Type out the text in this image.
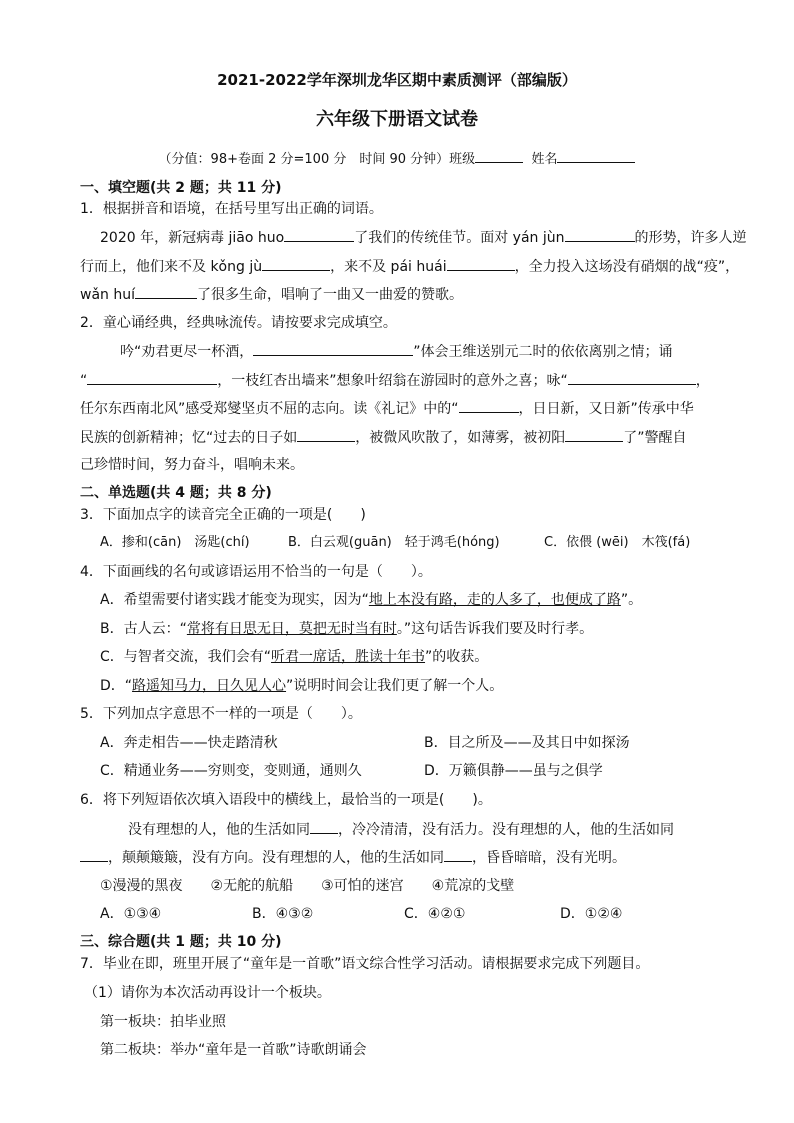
2021-2022学年深圳龙华区期中素质测评（部编版）
六年级下册语文试卷
（分值：98+卷面 2 分=100 分　时间 90 分钟）班级	姓名
一、填空题(共 2 题；共 11 分)
1．根据拼音和语境，在括号里写出正确的词语。
2020 年，新冠病毒 jiāo huo	了我们的传统佳节。面对 yán jùn	的形势，许多人逆
行而上，他们来不及 kǒng jù	，来不及 pái huái	，全力投入这场没有硝烟的战“疫”，
wǎn huí	了很多生命，唱响了一曲又一曲爱的赞歌。
2．童心诵经典，经典咏流传。请按要求完成填空。
吟“劝君更尽一杯酒，	”体会王维送别元二时的依依离别之情；诵
“	，一枝红杏出墙来”想象叶绍翁在游园时的意外之喜；咏“	，
任尔东西南北风”感受郑燮坚贞不屈的志向。读《礼记》中的“	，日日新，又日新”传承中华
民族的创新精神；忆“过去的日子如	，被微风吹散了，如薄雾，被初阳	了”警醒自
己珍惜时间，努力奋斗，唱响未来。
二、单选题(共 4 题；共 8 分)
3．下面加点字的读音完全正确的一项是(　　)
A．掺和(cān)　汤匙(chí)	B．白云观(guān)　轻于鸿毛(hóng)	C．依偎 (wēi)　木筏(fá)
4．下面画线的名句或谚语运用不恰当的一句是（　　）。
A．希望需要付诸实践才能变为现实，因为“地上本没有路，走的人多了，也便成了路”。
B．古人云：“常将有日思无日，莫把无时当有时。”这句话告诉我们要及时行孝。
C．与智者交流，我们会有“听君一席话，胜读十年书”的收获。
D．“路遥知马力，日久见人心”说明时间会让我们更了解一个人。
5．下列加点字意思不一样的一项是（　　）。
A．奔走相告——快走踏清秋	B．目之所及——及其日中如探汤
C．精通业务——穷则变，变则通，通则久	D．万籁俱静——虽与之俱学
6．将下列短语依次填入语段中的横线上，最恰当的一项是(　　)。
没有理想的人，他的生活如同 ，冷冷清清，没有活力。没有理想的人，他的生活如同
，颠颠簸簸，没有方向。没有理想的人，他的生活如同 ，昏昏暗暗，没有光明。
①漫漫的黑夜　　②无舵的航船　　③可怕的迷宫　　④荒凉的戈壁
A．①③④	B．④③②	C．④②①	D．①②④
三、综合题(共 1 题；共 10 分)
7．毕业在即，班里开展了“童年是一首歌”语文综合性学习活动。请根据要求完成下列题目。
（1）请你为本次活动再设计一个板块。
第一板块：拍毕业照
第二板块：举办“童年是一首歌”诗歌朗诵会
